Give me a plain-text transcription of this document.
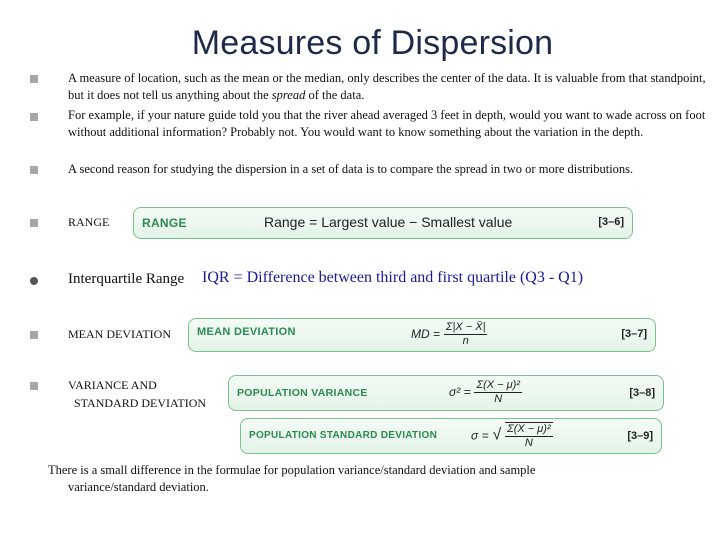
Measures of Dispersion
A measure of location, such as the mean or the median, only describes the center of the data. It is valuable from that standpoint, but it does not tell us anything about the spread of the data.
For example, if your nature guide told you that the river ahead averaged 3 feet in depth, would you want to wade across on foot without additional information? Probably not. You would want to know something about the variation in the depth.
A second reason for studying the dispersion in a set of data is to compare the spread in two or more distributions.
RANGE	RANGE	Range = Largest value − Smallest value	[3–6]
Interquartile Range IQR = Difference between third and first quartile (Q3 - Q1)
MEAN DEVIATION MEAN DEVIATION	MD = $\frac{\Sigma|X - X̄|}{n}$	[3–7]
VARIANCE AND
STANDARD DEVIATION
POPULATION VARIANCE	$\sigma^2 = \frac{\text{Σ(X − μ)²}}{N}$	[3–8]
POPULATION STANDARD DEVIATION	σ = √ $\frac{\text{Σ(X − μ)²}}{N}$	[3–9]
There is a small difference in the formulae for population variance/standard deviation and sample
variance/standard deviation.
